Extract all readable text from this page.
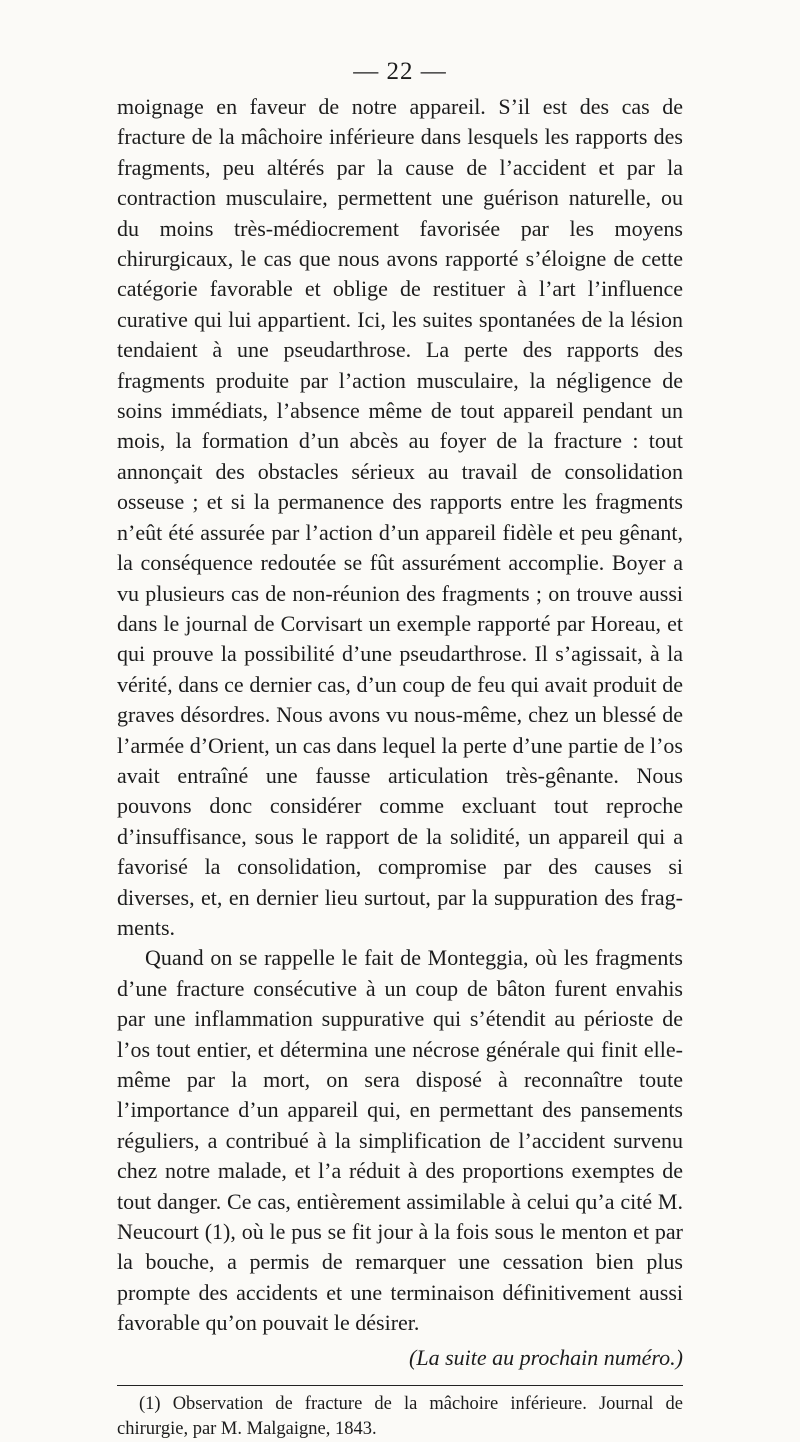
— 22 —

moignage en faveur de notre appareil. S’il est des cas de fracture de la mâchoire inférieure dans lesquels les rapports des fragments, peu altérés par la cause de l’accident et par la contraction musculaire, permettent une guérison naturelle, ou du moins très-médiocrement favorisée par les moyens chirurgicaux, le cas que nous avons rapporté s’éloigne de cette catégorie favorable et oblige de restituer à l’art l’influence curative qui lui appartient. Ici, les suites spontanées de la lésion tendaient à une pseudarthrose. La perte des rapports des fragments produite par l’action musculaire, la négligence de soins immédiats, l’absence même de tout appareil pendant un mois, la formation d’un abcès au foyer de la fracture : tout annonçait des obstacles sérieux au travail de consolidation osseuse ; et si la permanence des rapports entre les fragments n’eût été assurée par l’action d’un appareil fidèle et peu gênant, la conséquence redoutée se fût assurément accomplie. Boyer a vu plusieurs cas de non-réunion des fragments ; on trouve aussi dans le journal de Corvisart un exemple rapporté par Horeau, et qui prouve la possibilité d’une pseudarthrose. Il s’agissait, à la vérité, dans ce dernier cas, d’un coup de feu qui avait produit de graves désordres. Nous avons vu nous-même, chez un blessé de l’armée d’Orient, un cas dans lequel la perte d’une partie de l’os avait entraîné une fausse articulation très-gênante. Nous pouvons donc considérer comme excluant tout reproche d’insuffisance, sous le rapport de la solidité, un appareil qui a favorisé la consolidation, compromise par des causes si diverses, et, en dernier lieu surtout, par la suppuration des fragments.

Quand on se rappelle le fait de Monteggia, où les fragments d’une fracture consécutive à un coup de bâton furent envahis par une inflammation suppurative qui s’étendit au périoste de l’os tout entier, et détermina une nécrose générale qui finit elle-même par la mort, on sera disposé à reconnaître toute l’importance d’un appareil qui, en permettant des pansements réguliers, a contribué à la simplification de l’accident survenu chez notre malade, et l’a réduit à des proportions exemptes de tout danger. Ce cas, entièrement assimilable à celui qu’a cité M. Neucourt (1), où le pus se fit jour à la fois sous le menton et par la bouche, a permis de remarquer une cessation bien plus prompte des accidents et une terminaison définitivement aussi favorable qu’on pouvait le désirer.

(La suite au prochain numéro.)

(1) Observation de fracture de la mâchoire inférieure. Journal de chirurgie, par M. Malgaigne, 1843.
